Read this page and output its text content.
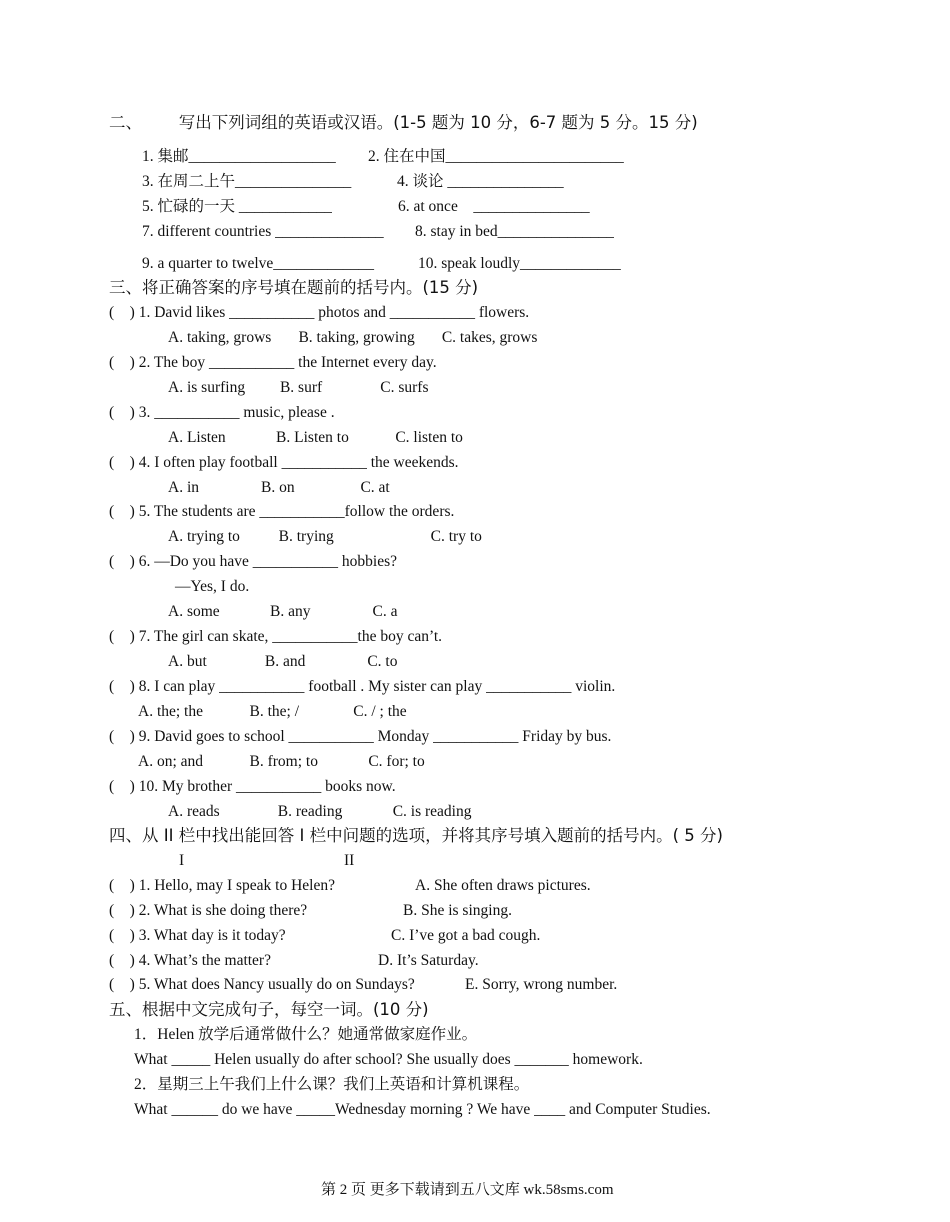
二、       写出下列词组的英语或汉语。(1-5 题为 10 分，6-7 题为 5 分。15 分)
1. 集邮___________________ 2. 住在中国_______________________
3. 在周二上午_______________	4. 谈论 _______________
5. 忙碌的一天 ____________	6. at once    _______________
7. different countries ______________ 8. stay in bed_______________
9. a quarter to twelve_____________	10. speak loudly_____________
三、将正确答案的序号填在题前的括号内。(15 分)
(    ) 1. David likes ___________ photos and ___________ flowers.
A. taking, grows       B. taking, growing       C. takes, grows
(    ) 2. The boy ___________ the Internet every day.
A. is surfing         B. surf               C. surfs
(    ) 3. ___________ music, please .
A. Listen             B. Listen to            C. listen to
(    ) 4. I often play football ___________ the weekends.
A. in                B. on                 C. at
(    ) 5. The students are ___________follow the orders.
A. trying to          B. trying                         C. try to
(    ) 6. —Do you have ___________ hobbies?
—Yes, I do.
A. some             B. any                C. a
(    ) 7. The girl can skate, ___________the boy can’t.
A. but               B. and                C. to
(    ) 8. I can play ___________ football . My sister can play ___________ violin.
A. the; the            B. the; /              C. / ; the
(    ) 9. David goes to school ___________ Monday ___________ Friday by bus.
A. on; and            B. from; to             C. for; to
(    ) 10. My brother ___________ books now.
A. reads               B. reading             C. is reading
四、从 II 栏中找出能回答 I 栏中问题的选项，并将其序号填入题前的括号内。( 5 分)
I	II
(    ) 1. Hello, may I speak to Helen?	A. She often draws pictures.
(    ) 2. What is she doing there?	B. She is singing.
(    ) 3. What day is it today?	C. I’ve got a bad cough.
(    ) 4. What’s the matter?	D. It’s Saturday.
(    ) 5. What does Nancy usually do on Sundays?	E. Sorry, wrong number.
五、根据中文完成句子，每空一词。(10 分)
1．Helen 放学后通常做什么？她通常做家庭作业。
What _____ Helen usually do after school? She usually does _______ homework.
2．星期三上午我们上什么课？我们上英语和计算机课程。
What ______ do we have _____Wednesday morning ? We have ____ and Computer Studies.
第 2 页 更多下载请到五八文库 wk.58sms.com
